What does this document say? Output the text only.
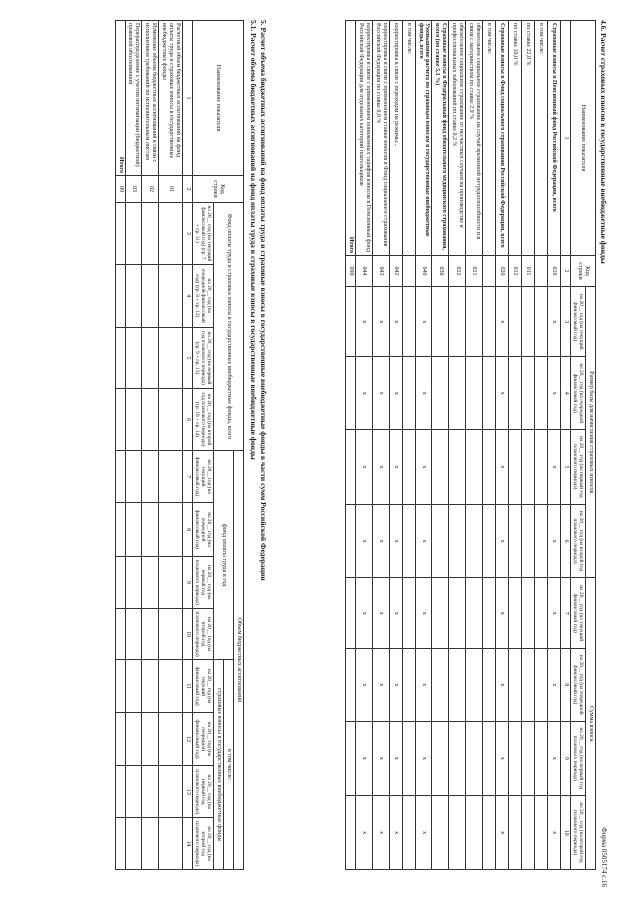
Форма 0505174 с.16
4.6. Расчет страховых взносов в государственные внебюджетные фонды
Наименование показателя	Код строки	Размер базы для начисления страховых взносов				Сумма взноса			
		на 20__ год (на текущий финансовый год)	на 20__ год (на очередной финансовый год)	на 20__ год (на первый год планового периода)	на 20__ год (на второй год планового периода)	на 20__ год (на текущий финансовый год)	на 20__ год (на очередной финансовый год)	на 20__ год (на первый год планового периода)	на 20__ год (на второй год планового периода)
1	2	3	4	5	6	7	8	9	10
Страховые взносы в Пенсионный фонд Российской Федерации, всего	010	x	x	x	x	x	x	x	x
в том числе:									
по ставке 22,0 %	011								
по ставке 10,0 %	012								
Страховые взносы в Фонд социального страхования Российской Федерации, всего	020	x	x	x	x	x	x	x	x
в том числе:									
обязательное социальное страхование на случай временной нетрудоспособности и в связи с материнством по ставке 2,9 %	021								
обязательное социальное страхование от несчастных случаев на производстве и профессиональных заболеваний по ставке 0,2 %	022								
Страховые взносы в Федеральный фонд обязательного медицинского страхования, всего (по ставке 5,1 %)	030								
Уменьшение расчета по страховым взносам в государственные внебюджетные фонды, всего	040	x	x	x	x	x	x	x	x
в том числе:									
корректировка в связи с переходом на режимы...	042	x	x	x	x	x	x	x	x
корректировка в связи с применением ставки взносов в Фонд социального страхования Российской Федерации по ставке 0,0 %	043	x	x	x	x	x	x	x	x
корректировка в связи с применением пониженных тарифов взносов в Пенсионный фонд Российской Федерации для отдельных категорий плательщиков	044	x	x	x	x	x	x	x	x
Итого	090								
5. Расчет объема бюджетных ассигнований на фонд оплаты труда и страховые взносы в государственные внебюджетные фонды в части сумм Российской Федерации
5.1. Расчет объема бюджетных ассигнований на фонд оплаты труда и страховые взносы в государственные внебюджетные фонды
Наименование показателя	Код строки	Фонд оплаты труда и страховые взносы в государственные внебюджетные фонды, всего				Объем бюджетных ассигнований							
						фонд оплаты труда в год				в том числе:			
										страховые взносы в государственные внебюджетные фонды			
		на 20__ год (на текущий финансовый год) (гр. 7 + гр. 11)	на 20__ год (на очередной финансовый год) (гр. 8 + гр. 12)	на 20__ год (на первый год планового периода) (гр. 9 + гр. 13)	на 20__ год (на второй год планового периода) (гр. 10 + гр. 14)	на 20__ год (на текущий финансовый год)	на 20__ год (на очередной финансовый год)	на 20__ год (на первый год планового периода)	на 20__ год (на второй год планового периода)	на 20__ год (на текущий финансовый год)	на 20__ год (на очередной финансовый год)	на 20__ год (на первый год планового периода)	на 20__ год (на второй год планового периода)
1	2	3	4	5	6	7	8	9	10	11	12	13	14
Расчетный объем бюджетных ассигнований на фонд оплаты труда и страховые взносы в государственные внебюджетные фонды	01												
Изменение объема бюджетных ассигнований в связи с исполнением требований по исполнительным листам	02												
Перераспределение с учетом оптимизации (бюджетной) правовой обоснованной	03												
Итого	09												
